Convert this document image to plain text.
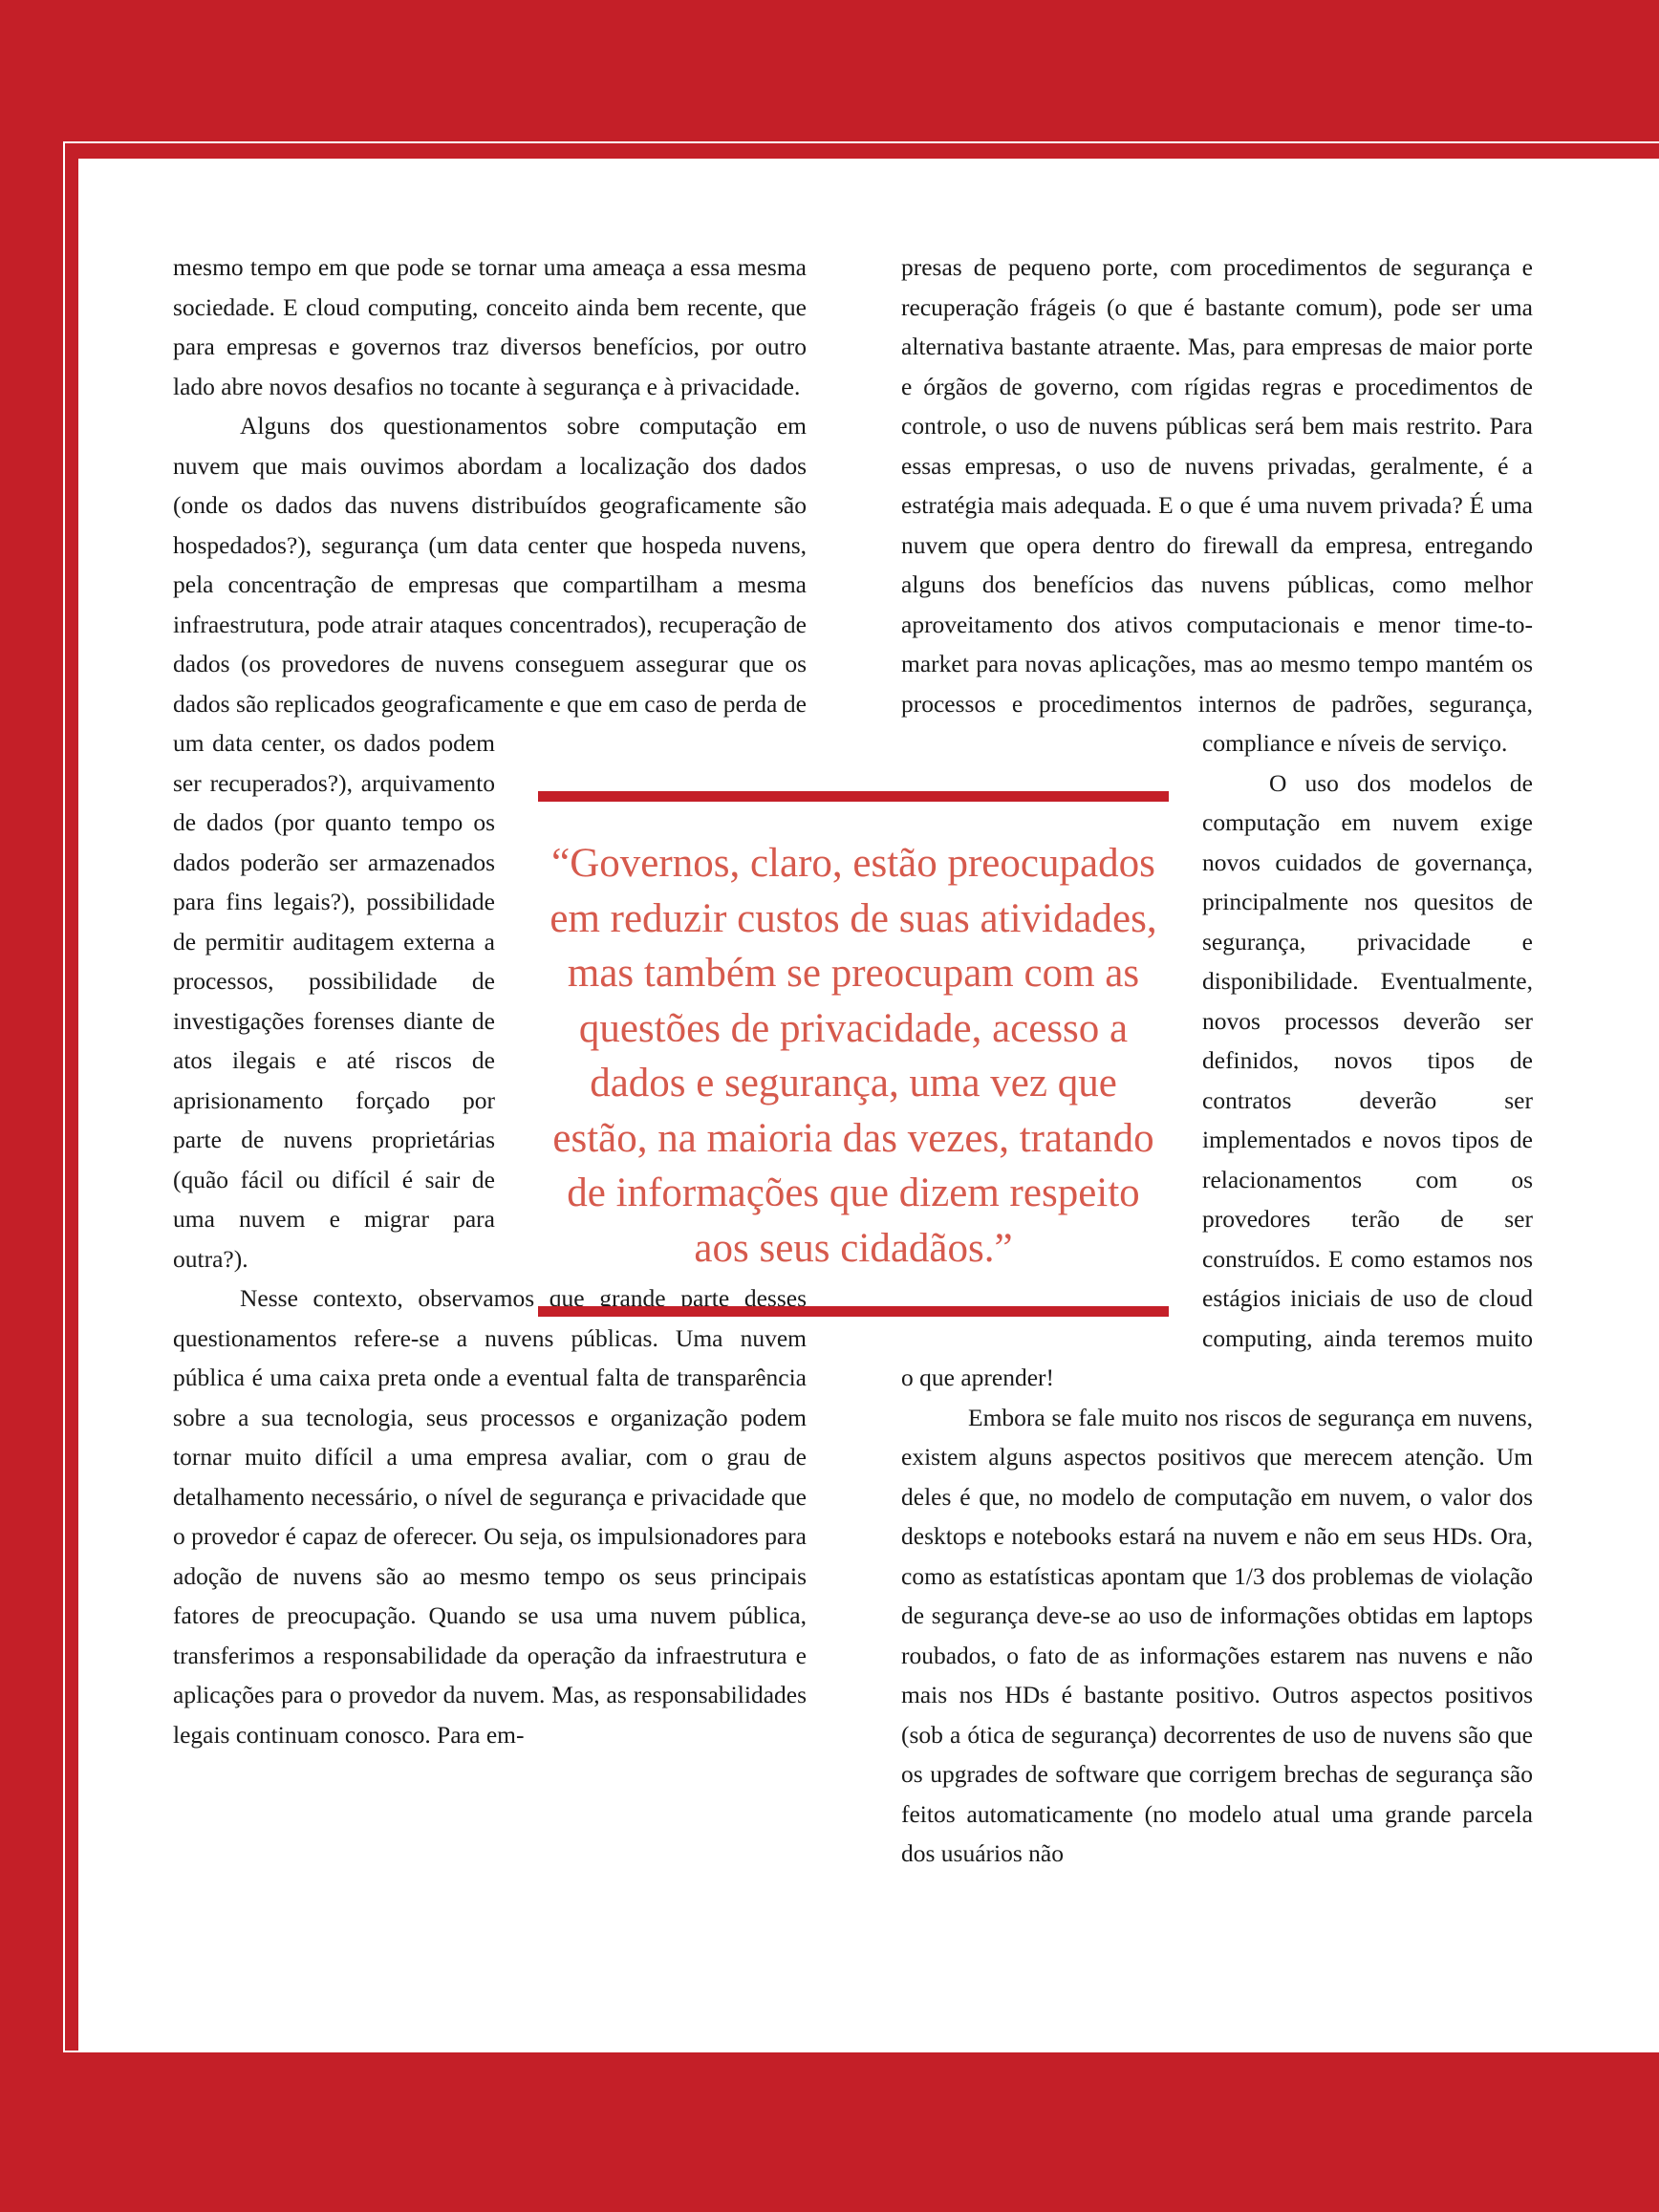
mesmo tempo em que pode se tornar uma ameaça a essa mesma sociedade. E cloud computing, conceito ainda bem recente, que para empresas e governos traz diversos benefícios, por outro lado abre novos desafios no tocante à segurança e à privacidade.

Alguns dos questionamentos sobre computação em nuvem que mais ouvimos abordam a localização dos dados (onde os dados das nuvens distribuídos geograficamente são hospedados?), segurança (um data center que hospeda nuvens, pela concentração de empresas que compartilham a mesma infraestrutura, pode atrair ataques concentrados), recuperação de dados (os provedores de nuvens conseguem assegurar que os dados são replicados geograficamente e que em caso de perda de um data center, os dados podem ser recuperados?), arquivamento de dados (por quanto tempo os dados poderão ser armazenados para fins legais?), possibilidade de permitir auditagem externa a processos, possibilidade de investigações forenses diante de atos ilegais e até riscos de aprisionamento forçado por parte de nuvens proprietárias (quão fácil ou difícil é sair de uma nuvem e migrar para outra?).

Nesse contexto, observamos que grande parte desses questionamentos refere-se a nuvens públicas. Uma nuvem pública é uma caixa preta onde a eventual falta de transparência sobre a sua tecnologia, seus processos e organização podem tornar muito difícil a uma empresa avaliar, com o grau de detalhamento necessário, o nível de segurança e privacidade que o provedor é capaz de oferecer. Ou seja, os impulsionadores para adoção de nuvens são ao mesmo tempo os seus principais fatores de preocupação. Quando se usa uma nuvem pública, transferimos a responsabilidade da operação da infraestrutura e aplicações para o provedor da nuvem. Mas, as responsabilidades legais continuam conosco. Para em-

presas de pequeno porte, com procedimentos de segurança e recuperação frágeis (o que é bastante comum), pode ser uma alternativa bastante atraente. Mas, para empresas de maior porte e órgãos de governo, com rígidas regras e procedimentos de controle, o uso de nuvens públicas será bem mais restrito. Para essas empresas, o uso de nuvens privadas, geralmente, é a estratégia mais adequada. E o que é uma nuvem privada? É uma nuvem que opera dentro do firewall da empresa, entregando alguns dos benefícios das nuvens públicas, como melhor aproveitamento dos ativos computacionais e menor time-to-market para novas aplicações, mas ao mesmo tempo mantém os processos e procedimentos internos de padrões, segurança, compliance e níveis de serviço.

O uso dos modelos de computação em nuvem exige novos cuidados de governança, principalmente nos quesitos de segurança, privacidade e disponibilidade. Eventualmente, novos processos deverão ser definidos, novos tipos de contratos deverão ser implementados e novos tipos de relacionamentos com os provedores terão de ser construídos. E como estamos nos estágios iniciais de uso de cloud computing, ainda teremos muito o que aprender!

Embora se fale muito nos riscos de segurança em nuvens, existem alguns aspectos positivos que merecem atenção. Um deles é que, no modelo de computação em nuvem, o valor dos desktops e notebooks estará na nuvem e não em seus HDs. Ora, como as estatísticas apontam que 1/3 dos problemas de violação de segurança deve-se ao uso de informações obtidas em laptops roubados, o fato de as informações estarem nas nuvens e não mais nos HDs é bastante positivo. Outros aspectos positivos (sob a ótica de segurança) decorrentes de uso de nuvens são que os upgrades de software que corrigem brechas de segurança são feitos automaticamente (no modelo atual uma grande parcela dos usuários não

“Governos, claro, estão preocupados em reduzir custos de suas atividades, mas também se preocupam com as questões de privacidade, acesso a dados e segurança, uma vez que estão, na maioria das vezes, tratando de informações que dizem respeito aos seus cidadãos.”
